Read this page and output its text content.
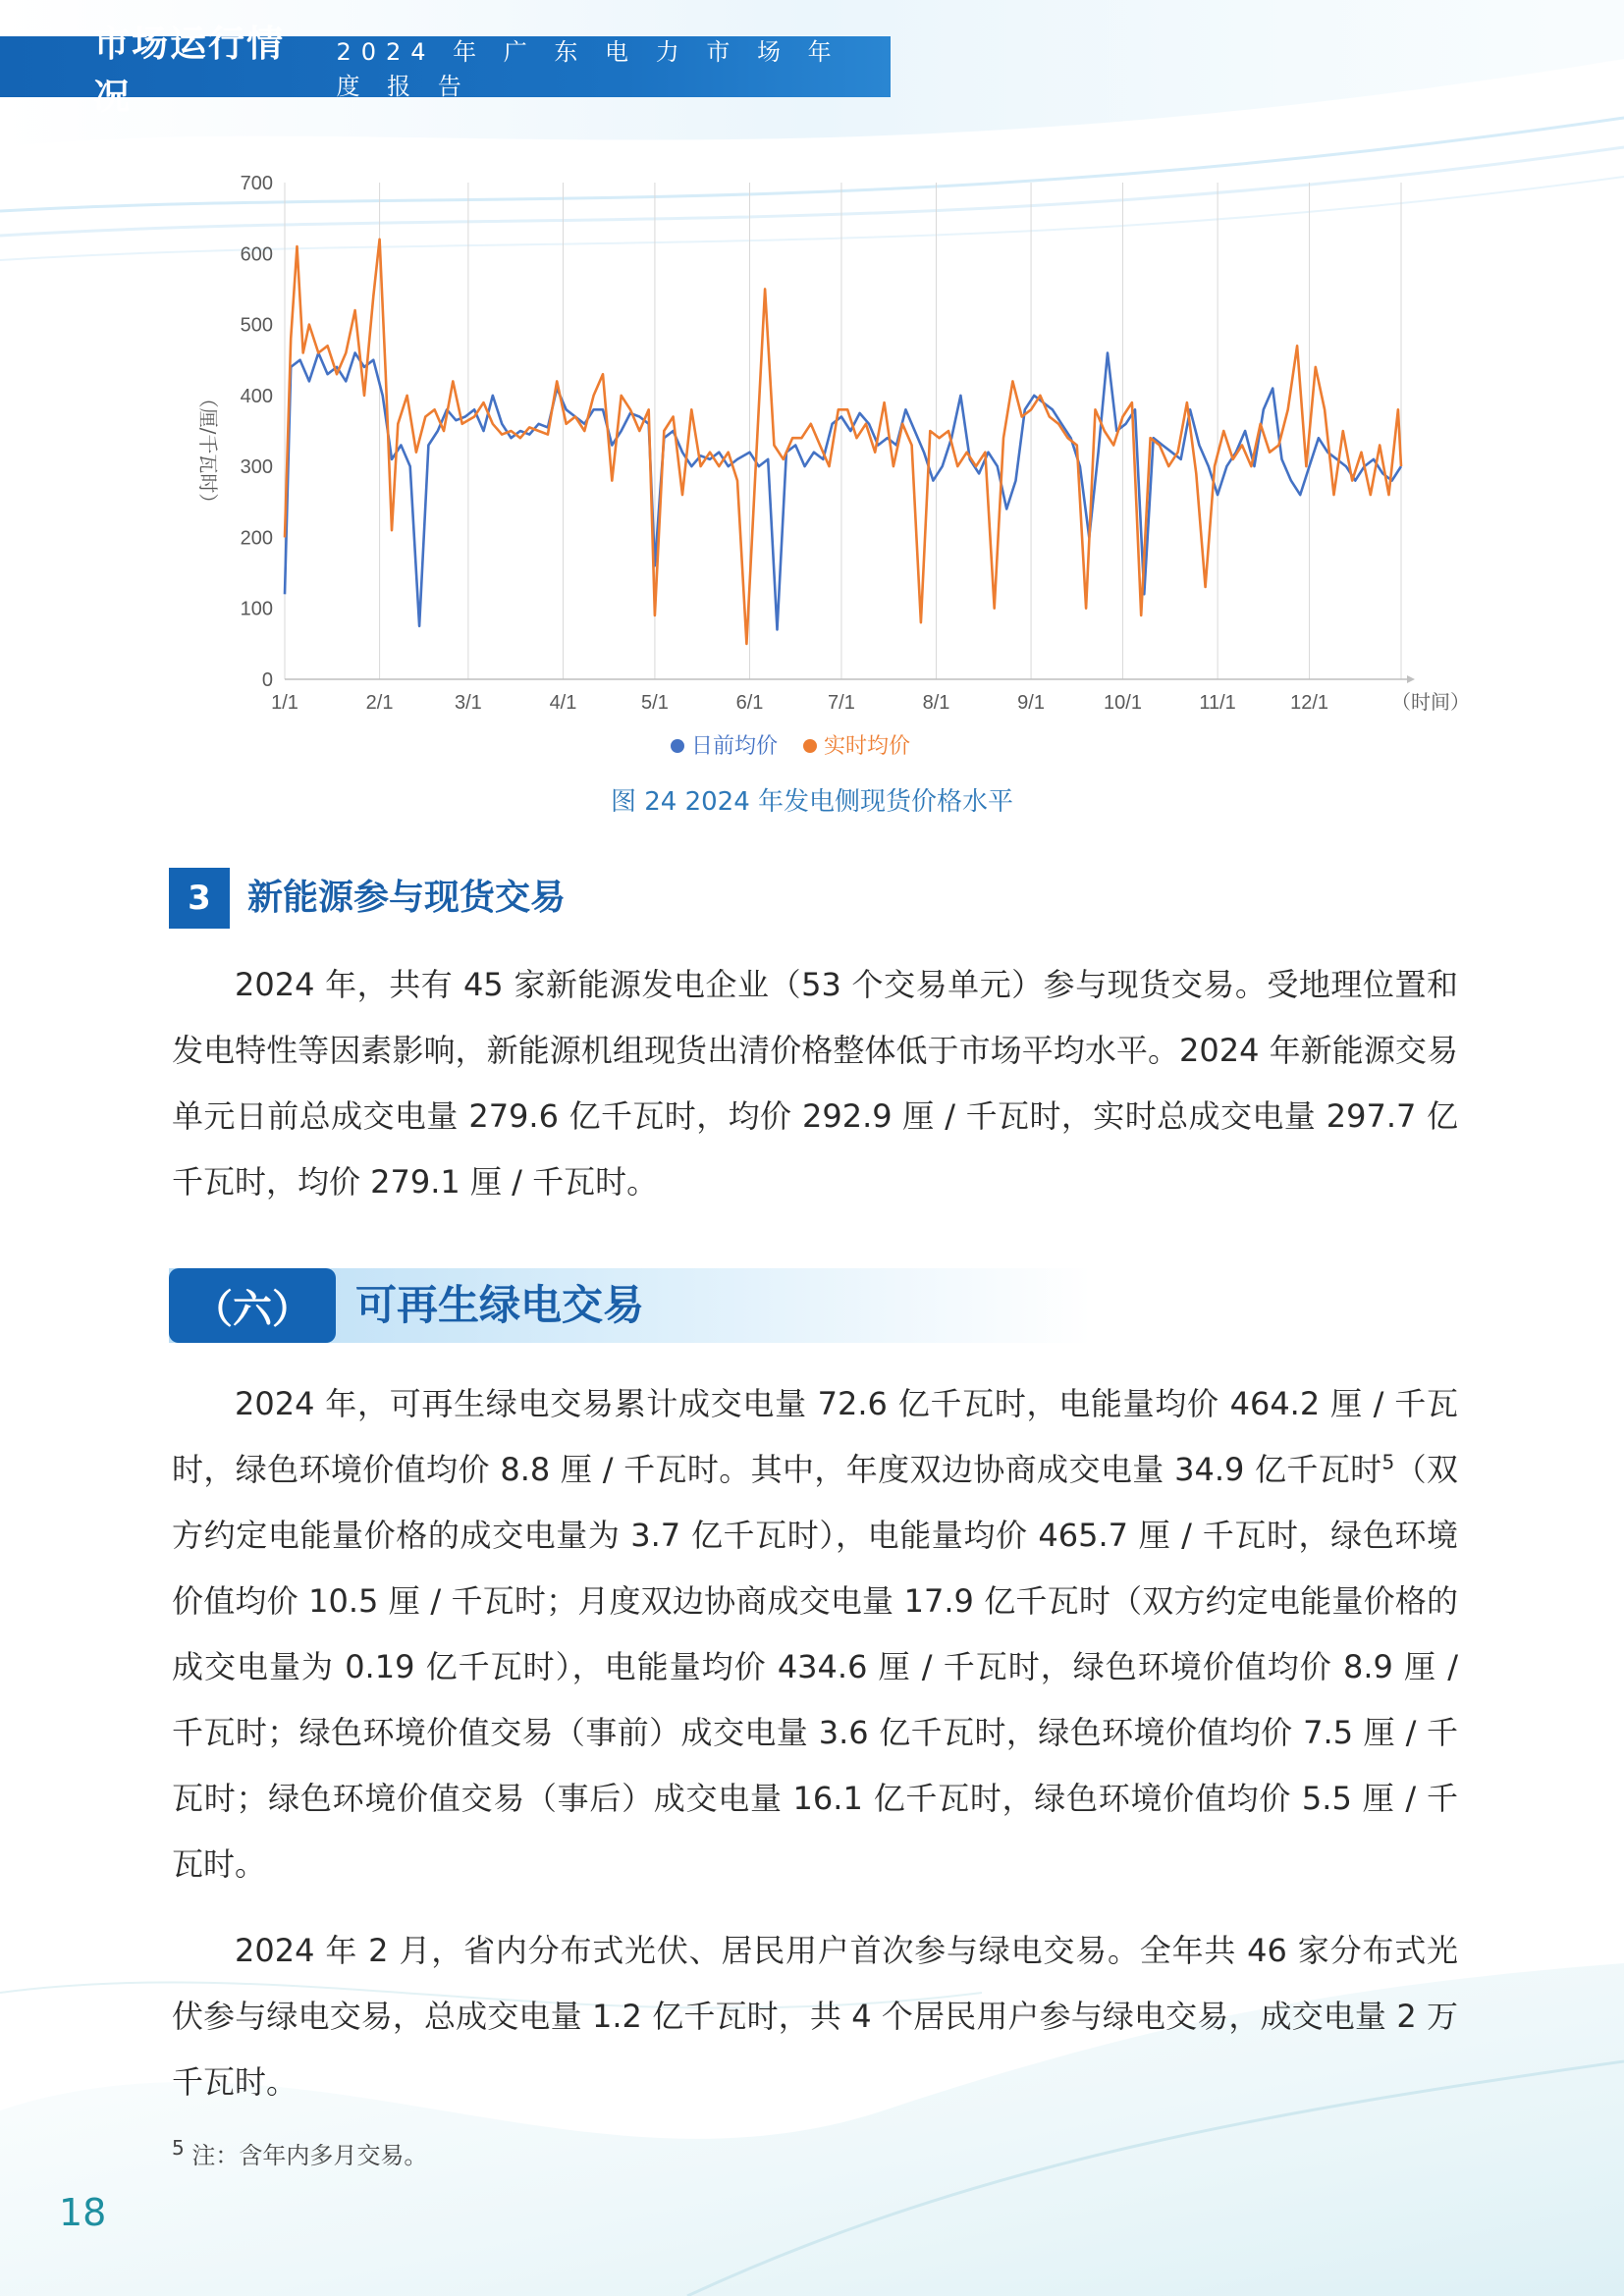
市场运行情况
2024 年 广 东 电 力 市 场 年 度 报 告
0
100
200
300
400
500
600
700
1/1	2/1	3/1	4/1	5/1	6/1	7/1	8/1	9/1	10/1	11/1	12/1	（时间）
（厘/千瓦时）
日前均价 实时均价
图 24 2024 年发电侧现货价格水平
3	新能源参与现货交易

2024 年，共有 45 家新能源发电企业（53 个交易单元）参与现货交易。受地理位置和发电特性等因素影响，新能源机组现货出清价格整体低于市场平均水平。2024 年新能源交易单元日前总成交电量 279.6 亿千瓦时，均价 292.9 厘 / 千瓦时，实时总成交电量 297.7 亿千瓦时，均价 279.1 厘 / 千瓦时。

（六）	可再生绿电交易

2024 年，可再生绿电交易累计成交电量 72.6 亿千瓦时，电能量均价 464.2 厘 / 千瓦时，绿色环境价值均价 8.8 厘 / 千瓦时。其中，年度双边协商成交电量 34.9 亿千瓦时$^5$（双方约定电能量价格的成交电量为 3.7 亿千瓦时），电能量均价 465.7 厘 / 千瓦时，绿色环境价值均价 10.5 厘 / 千瓦时；月度双边协商成交电量 17.9 亿千瓦时（双方约定电能量价格的成交电量为 0.19 亿千瓦时），电能量均价 434.6 厘 / 千瓦时，绿色环境价值均价 8.9 厘 / 千瓦时；绿色环境价值交易（事前）成交电量 3.6 亿千瓦时，绿色环境价值均价 7.5 厘 / 千瓦时；绿色环境价值交易（事后）成交电量 16.1 亿千瓦时，绿色环境价值均价 5.5 厘 / 千瓦时。

2024 年 2 月，省内分布式光伏、居民用户首次参与绿电交易。全年共 46 家分布式光伏参与绿电交易，总成交电量 1.2 亿千瓦时，共 4 个居民用户参与绿电交易，成交电量 2 万千瓦时。

$^5$ 注：含年内多月交易。
18
